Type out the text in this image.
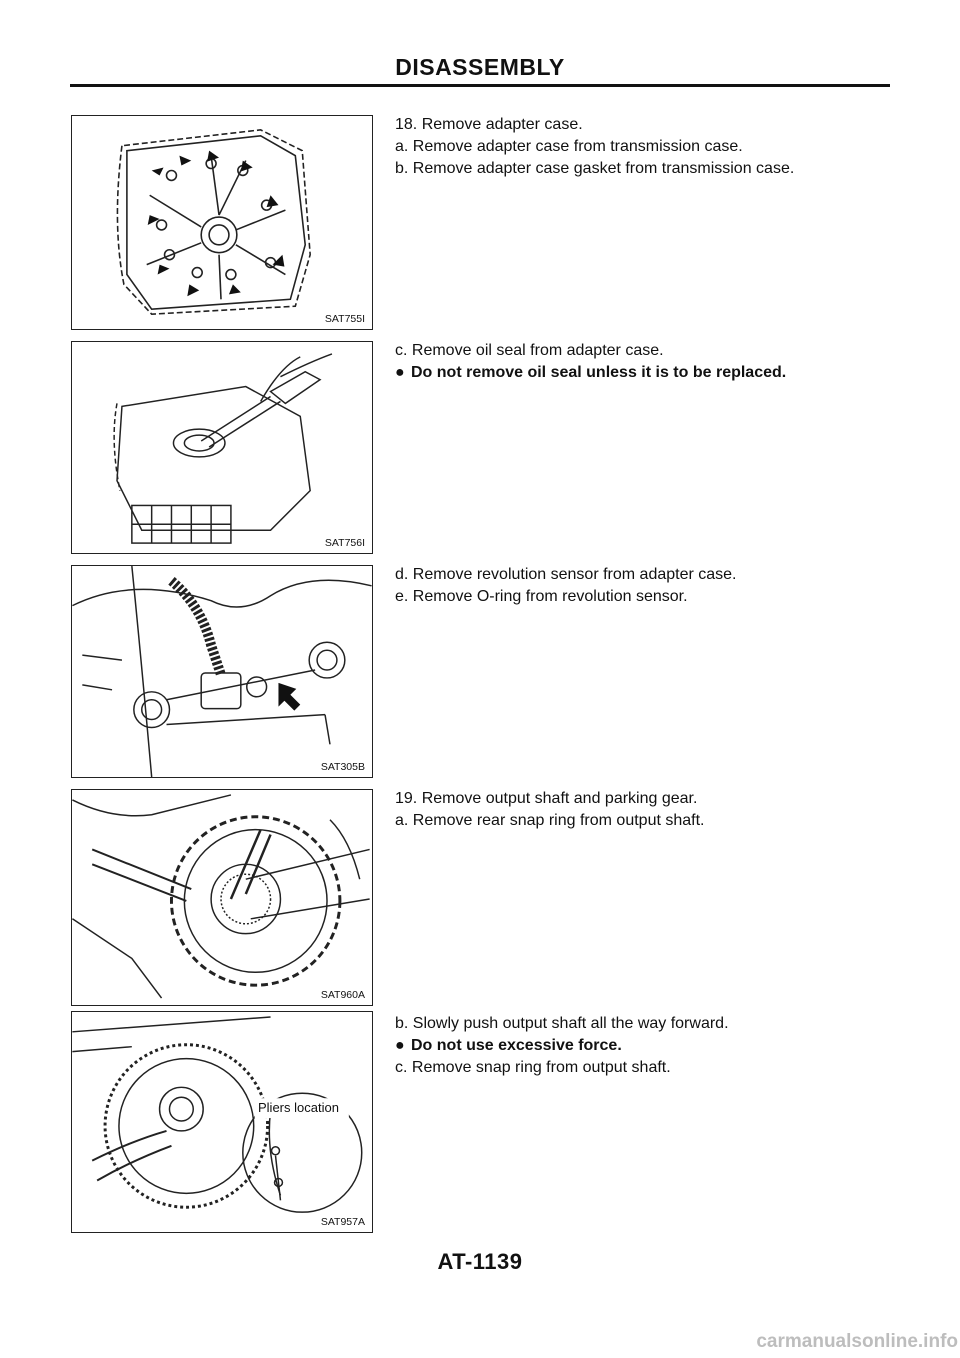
DISASSEMBLY
SAT755I
18. Remove adapter case.
a. Remove adapter case from transmission case.
b. Remove adapter case gasket from transmission case.
SAT756I
c. Remove oil seal from adapter case.
● Do not remove oil seal unless it is to be replaced.
SAT305B
d. Remove revolution sensor from adapter case.
e. Remove O-ring from revolution sensor.
SAT960A
19. Remove output shaft and parking gear.
a. Remove rear snap ring from output shaft.
Pliers location
SAT957A
b. Slowly push output shaft all the way forward.
● Do not use excessive force.
c. Remove snap ring from output shaft.
AT-1139
carmanualsonline.info
